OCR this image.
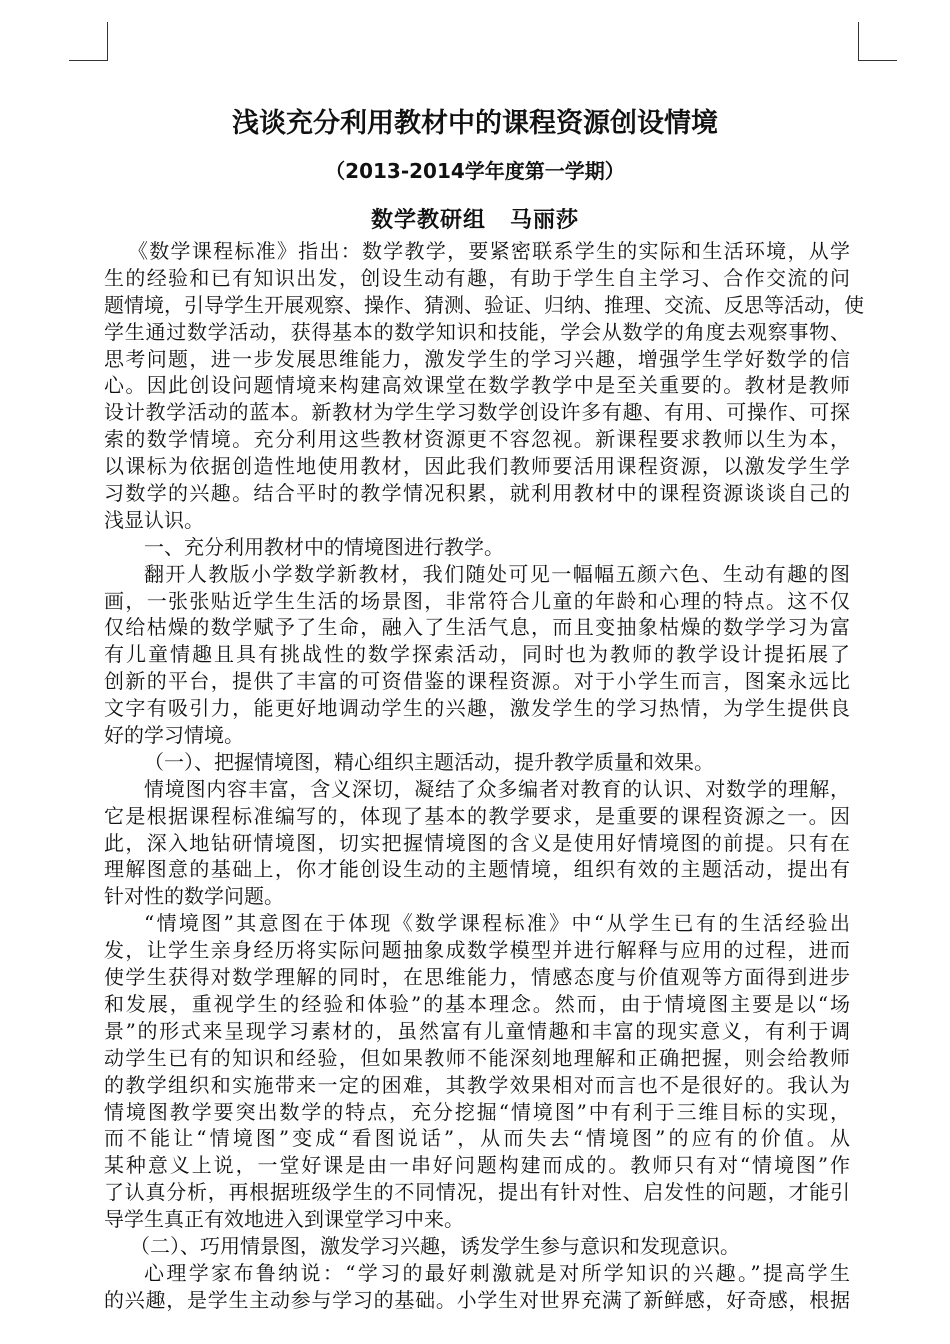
浅谈充分利用教材中的课程资源创设情境
（2013-2014学年度第一学期）
数学教研组 马丽莎
《数学课程标准》指出：数学教学，要紧密联系学生的实际和生活环境，从学
生的经验和已有知识出发，创设生动有趣，有助于学生自主学习、合作交流的问
题情境，引导学生开展观察、操作、猜测、验证、归纳、推理、交流、反思等活动，使
学生通过数学活动，获得基本的数学知识和技能，学会从数学的角度去观察事物、
思考问题，进一步发展思维能力，激发学生的学习兴趣，增强学生学好数学的信
心。因此创设问题情境来构建高效课堂在数学教学中是至关重要的。教材是教师
设计教学活动的蓝本。新教材为学生学习数学创设许多有趣、有用、可操作、可探
索的数学情境。充分利用这些教材资源更不容忽视。新课程要求教师以生为本，
以课标为依据创造性地使用教材，因此我们教师要活用课程资源，以激发学生学
习数学的兴趣。结合平时的教学情况积累，就利用教材中的课程资源谈谈自己的
浅显认识。
一、充分利用教材中的情境图进行教学。
翻开人教版小学数学新教材，我们随处可见一幅幅五颜六色、生动有趣的图
画，一张张贴近学生生活的场景图，非常符合儿童的年龄和心理的特点。这不仅
仅给枯燥的数学赋予了生命，融入了生活气息，而且变抽象枯燥的数学学习为富
有儿童情趣且具有挑战性的数学探索活动，同时也为教师的教学设计提拓展了
创新的平台，提供了丰富的可资借鉴的课程资源。对于小学生而言，图案永远比
文字有吸引力，能更好地调动学生的兴趣，激发学生的学习热情，为学生提供良
好的学习情境。
（一）、把握情境图，精心组织主题活动，提升教学质量和效果。
情境图内容丰富，含义深切，凝结了众多编者对教育的认识、对数学的理解，
它是根据课程标准编写的，体现了基本的教学要求，是重要的课程资源之一。因
此，深入地钻研情境图，切实把握情境图的含义是使用好情境图的前提。只有在
理解图意的基础上，你才能创设生动的主题情境，组织有效的主题活动，提出有
针对性的数学问题。
“情境图”其意图在于体现《数学课程标准》中“从学生已有的生活经验出
发，让学生亲身经历将实际问题抽象成数学模型并进行解释与应用的过程，进而
使学生获得对数学理解的同时，在思维能力，情感态度与价值观等方面得到进步
和发展，重视学生的经验和体验”的基本理念。然而，由于情境图主要是以“场
景”的形式来呈现学习素材的，虽然富有儿童情趣和丰富的现实意义，有利于调
动学生已有的知识和经验，但如果教师不能深刻地理解和正确把握，则会给教师
的教学组织和实施带来一定的困难，其教学效果相对而言也不是很好的。我认为
情境图教学要突出数学的特点，充分挖掘“情境图”中有利于三维目标的实现，
而不能让“情境图”变成“看图说话”，从而失去“情境图”的应有的价值。从
某种意义上说，一堂好课是由一串好问题构建而成的。教师只有对“情境图”作
了认真分析，再根据班级学生的不同情况，提出有针对性、启发性的问题，才能引
导学生真正有效地进入到课堂学习中来。
（二）、巧用情景图，激发学习兴趣，诱发学生参与意识和发现意识。
心理学家布鲁纳说：“学习的最好刺激就是对所学知识的兴趣。”提高学生
的兴趣，是学生主动参与学习的基础。小学生对世界充满了新鲜感，好奇感，根据
